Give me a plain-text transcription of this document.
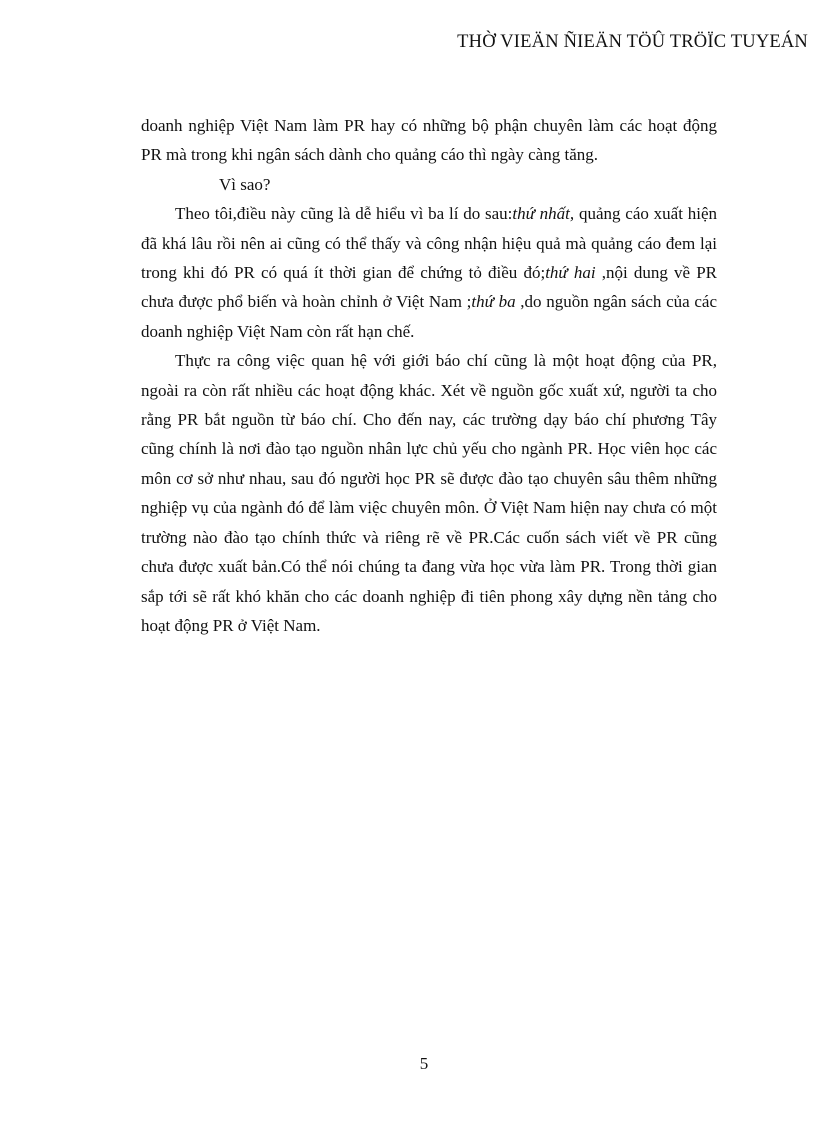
THỜ VIEÄN ÑIEÄN TÖÛ TRÖÏC TUYEÁN

doanh nghiệp Việt Nam làm PR hay có những bộ phận chuyên làm các hoạt động PR mà trong khi ngân sách dành cho quảng cáo thì ngày càng tăng.

Vì sao?

Theo tôi,điều này cũng là dễ hiểu vì ba lí do sau:thứ nhất, quảng cáo xuất hiện đã khá lâu rồi nên ai cũng có thể thấy và công nhận hiệu quả mà quảng cáo đem lại trong khi đó PR có quá ít thời gian để chứng tỏ điều đó;thứ hai ,nội dung về PR chưa được phổ biến và hoàn chỉnh ở Việt Nam ;thứ ba ,do nguồn ngân sách của các doanh nghiệp Việt Nam còn rất hạn chế.

Thực ra công việc quan hệ với giới báo chí cũng là một hoạt động của PR, ngoài ra còn rất nhiều các hoạt động khác. Xét về nguồn gốc xuất xứ, người ta cho rằng PR bắt nguồn từ báo chí. Cho đến nay, các trường dạy báo chí phương Tây cũng chính là nơi đào tạo nguồn nhân lực chủ yếu cho ngành PR. Học viên học các môn cơ sở như nhau, sau đó người học PR sẽ được đào tạo chuyên sâu thêm những nghiệp vụ của ngành đó để làm việc chuyên môn. Ở Việt Nam hiện nay chưa có một trường nào đào tạo chính thức và riêng rẽ về PR.Các cuốn sách viết về PR cũng chưa được xuất bản.Có thể nói chúng ta đang vừa học vừa làm PR. Trong thời gian sắp tới sẽ rất khó khăn cho các doanh nghiệp đi tiên phong xây dựng nền tảng cho hoạt động PR ở Việt Nam.

5
